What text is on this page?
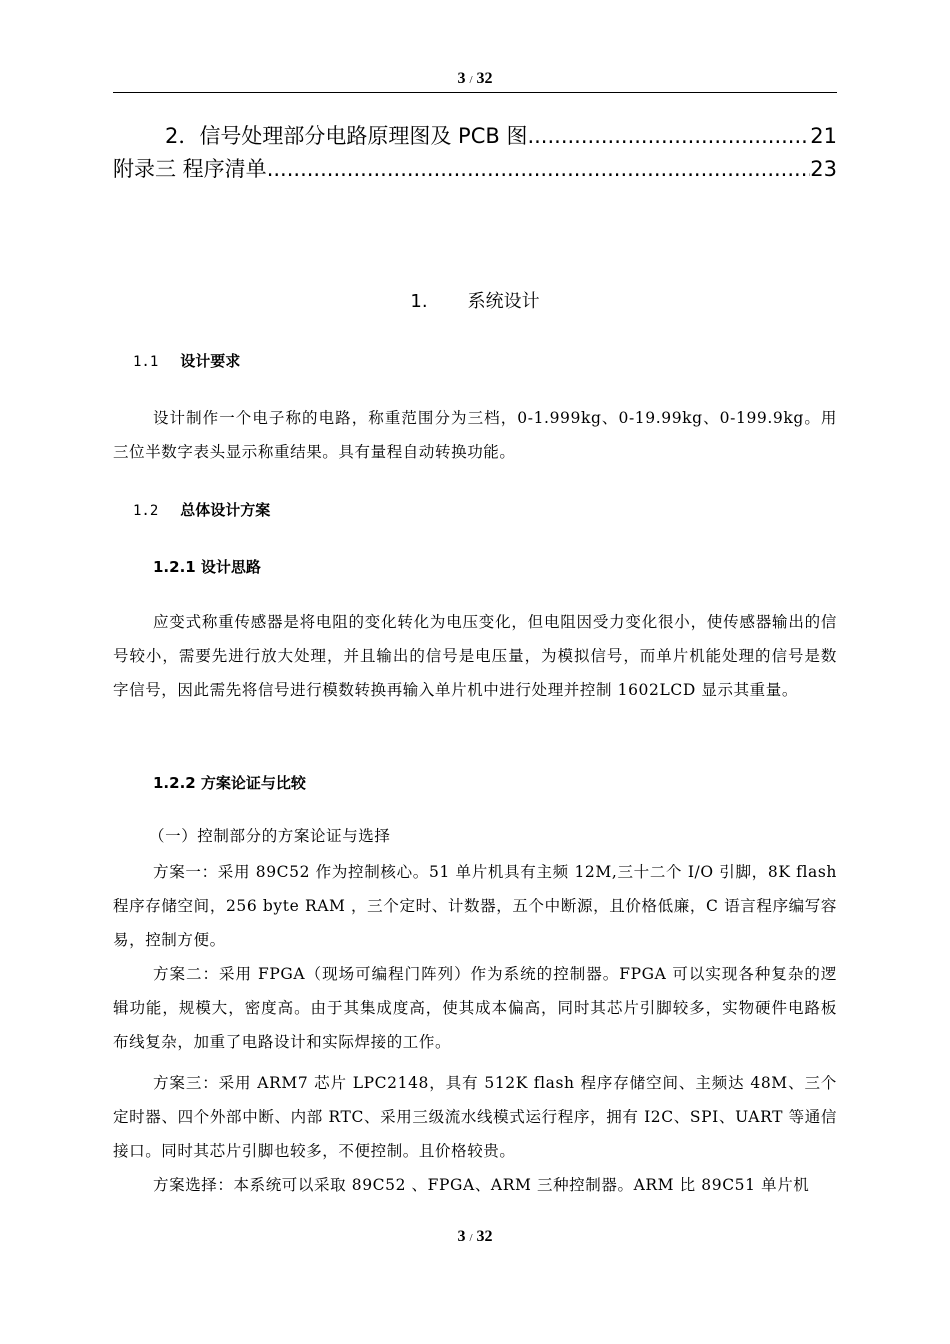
3 / 32
2．信号处理部分电路原理图及 PCB 图 .....	21
附录三 程序清单 .....	23
1. 系统设计
1.1 设计要求
设计制作一个电子称的电路，称重范围分为三档，0-1.999kg、0-19.99kg、0-199.9kg。用三位半数字表头显示称重结果。具有量程自动转换功能。
1.2 总体设计方案
1.2.1 设计思路
应变式称重传感器是将电阻的变化转化为电压变化，但电阻因受力变化很小，使传感器输出的信号较小，需要先进行放大处理，并且输出的信号是电压量，为模拟信号，而单片机能处理的信号是数字信号，因此需先将信号进行模数转换再输入单片机中进行处理并控制 1602LCD 显示其重量。
1.2.2 方案论证与比较
（一）控制部分的方案论证与选择
方案一：采用 89C52 作为控制核心。51 单片机具有主频 12M,三十二个 I/O 引脚，8K flash 程序存储空间，256 byte RAM ，三个定时、计数器，五个中断源，且价格低廉，C 语言程序编写容易，控制方便。
方案二：采用 FPGA（现场可编程门阵列）作为系统的控制器。FPGA 可以实现各种复杂的逻辑功能，规模大，密度高。由于其集成度高，使其成本偏高，同时其芯片引脚较多，实物硬件电路板布线复杂，加重了电路设计和实际焊接的工作。
方案三：采用 ARM7 芯片 LPC2148，具有 512K flash 程序存储空间、主频达 48M、三个定时器、四个外部中断、内部 RTC、采用三级流水线模式运行程序，拥有 I2C、SPI、UART 等通信接口。同时其芯片引脚也较多，不便控制。且价格较贵。
方案选择：本系统可以采取 89C52 、FPGA、ARM 三种控制器。ARM 比 89C51 单片机
3 / 32
